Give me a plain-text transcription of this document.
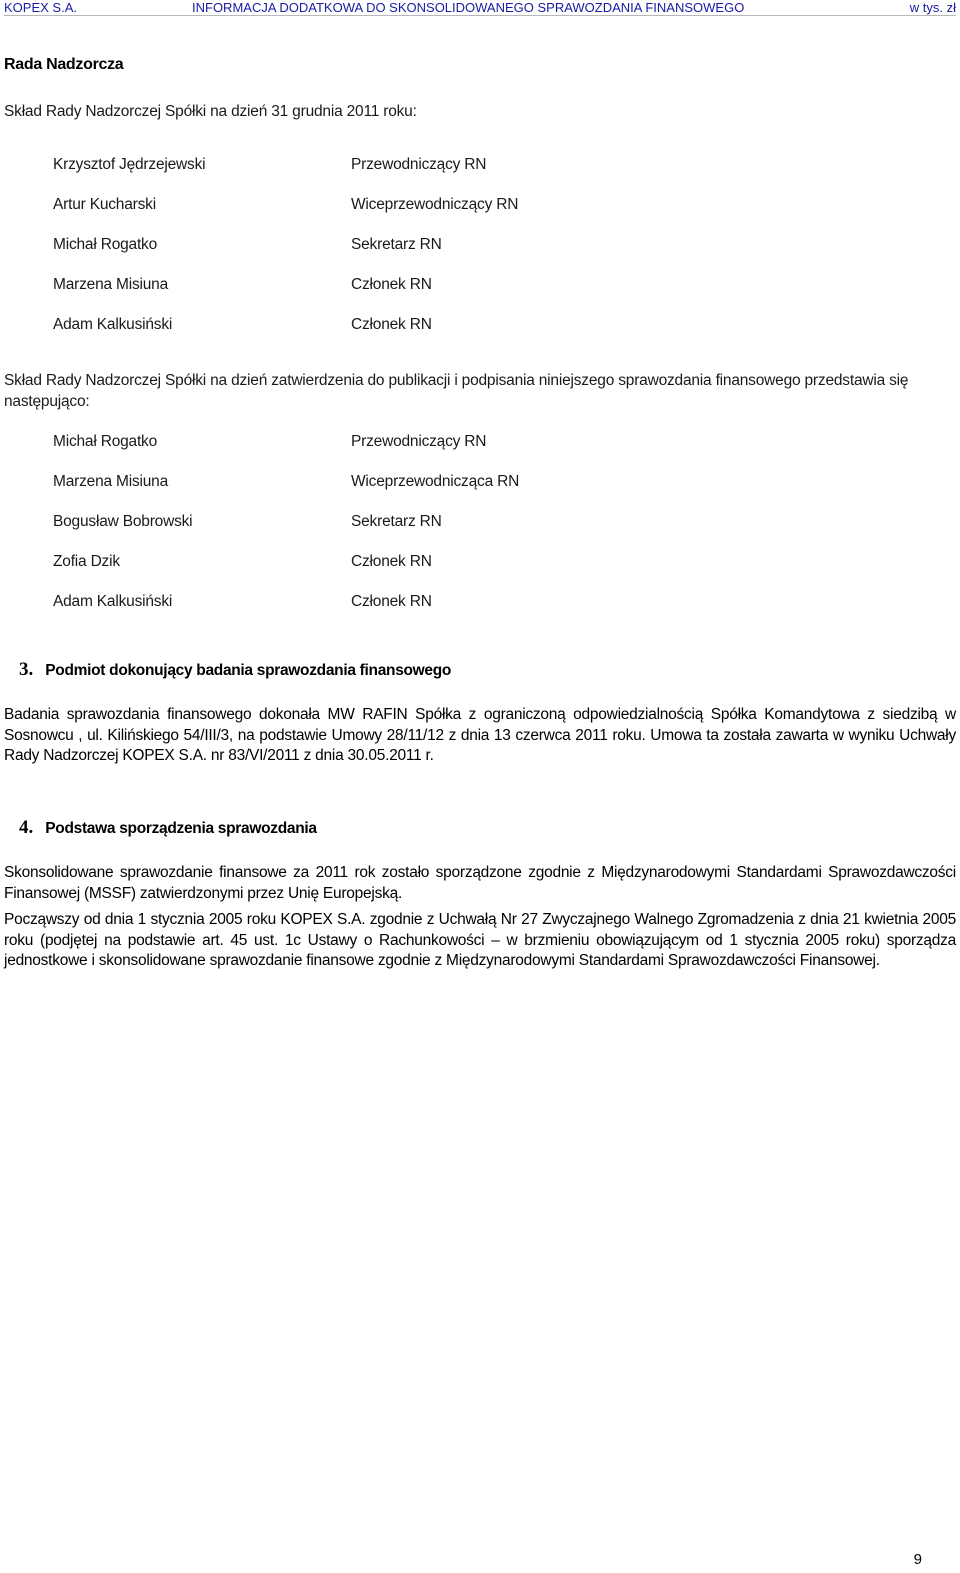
KOPEX S.A.	INFORMACJA DODATKOWA DO SKONSOLIDOWANEGO SPRAWOZDANIA FINANSOWEGO	w tys. zł
Rada Nadzorcza
Skład Rady Nadzorczej Spółki na dzień 31 grudnia 2011 roku:
Krzysztof Jędrzejewski	Przewodniczący RN
Artur Kucharski	Wiceprzewodniczący RN
Michał Rogatko	Sekretarz RN
Marzena Misiuna	Członek RN
Adam Kalkusiński	Członek RN
Skład Rady Nadzorczej Spółki na dzień zatwierdzenia do publikacji i podpisania niniejszego sprawozdania finansowego przedstawia się następująco:
Michał Rogatko	Przewodniczący RN
Marzena Misiuna	Wiceprzewodnicząca RN
Bogusław Bobrowski	Sekretarz RN
Zofia Dzik	Członek RN
Adam Kalkusiński	Członek RN
3. Podmiot dokonujący badania sprawozdania finansowego
Badania sprawozdania finansowego dokonała MW RAFIN Spółka z ograniczoną odpowiedzialnością Spółka Komandytowa z siedzibą w Sosnowcu , ul. Kilińskiego 54/III/3, na podstawie Umowy 28/11/12 z dnia 13 czerwca 2011 roku. Umowa ta została zawarta w wyniku Uchwały Rady Nadzorczej KOPEX S.A. nr 83/VI/2011 z dnia 30.05.2011 r.
4. Podstawa sporządzenia sprawozdania
Skonsolidowane sprawozdanie finansowe za 2011 rok zostało sporządzone zgodnie z Międzynarodowymi Standardami Sprawozdawczości Finansowej (MSSF) zatwierdzonymi przez Unię Europejską.
Począwszy od dnia 1 stycznia 2005 roku KOPEX S.A. zgodnie z Uchwałą Nr 27 Zwyczajnego Walnego Zgromadzenia z dnia 21 kwietnia 2005 roku (podjętej na podstawie art. 45 ust. 1c Ustawy o Rachunkowości – w brzmieniu obowiązującym od 1 stycznia 2005 roku) sporządza jednostkowe i skonsolidowane sprawozdanie finansowe zgodnie z Międzynarodowymi Standardami Sprawozdawczości Finansowej.
9
